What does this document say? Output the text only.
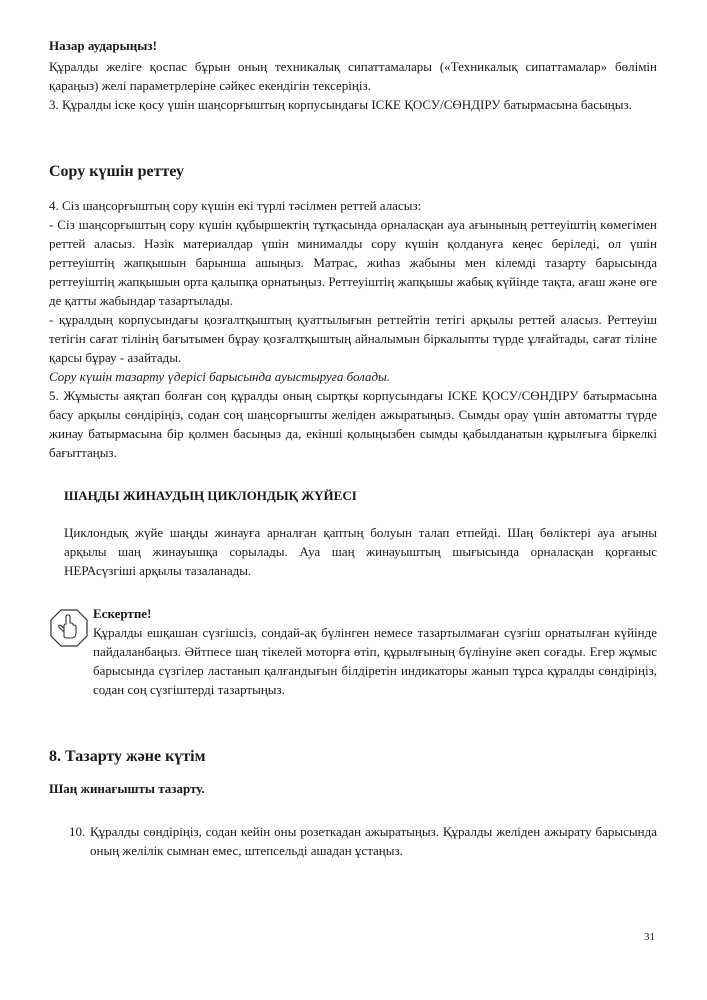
Назар аударыңыз!

Құралды желіге қоспас бұрын оның техникалық сипаттамалары («Техникалық сипаттамалар» бөлімін қараңыз) желі параметрлеріне сәйкес екендігін тексеріңіз.

3. Құралды іске қосу үшін шаңсорғыштың корпусындағы ІСКЕ ҚОСУ/СӨНДІРУ батырмасына басыңыз.

Сору күшін реттеу

4. Сіз шаңсорғыштың сору күшін екі түрлі тәсілмен реттей аласыз:

- Сіз шаңсорғыштың сору күшін құбыршектің тұтқасында орналасқан ауа ағынының реттеуіштің көмегімен реттей аласыз. Нәзік материалдар үшін минималды сору күшін қолдануға кеңес беріледі, ол үшін реттеуіштің жапқышын барынша ашыңыз. Матрас, жиhаз жабыны мен кілемді тазарту барысында реттеуіштің жапқышын орта қалыпқа орнатыңыз. Реттеуіштің жапқышы жабық күйінде тақта, ағаш және өге де қатты жабындар тазартылады.

- құралдың корпусындағы қозғалтқыштың қуаттылығын реттейтін тетігі арқылы реттей аласыз. Реттеуіш тетігін сағат тілінің бағытымен бұрау қозғалтқыштың айналымын біркалыпты түрде ұлғайтады, сағат тіліне қарсы бұрау - азайтады.

Сору күшін тазарту үдерісі барысында ауыстыруға болады.

5. Жұмысты аяқтап болған соң құралды оның сыртқы корпусындағы ІСКЕ ҚОСУ/СӨНДІРУ батырмасына басу арқылы сөндіріңіз, содан соң шаңсорғышты желіден ажыратыңыз. Сымды орау үшін автоматты түрде жинау батырмасына бір қолмен басыңыз да, екінші қолыңызбен сымды қабылданатын құрылғыға біркелкі бағыттаңыз.

ШАҢДЫ ЖИНАУДЫҢ ЦИКЛОНДЫҚ ЖҮЙЕСІ

Циклондық жүйе шаңды жинауға арналған қаптың болуын талап етпейді. Шаң бөліктері ауа ағыны арқылы шаң жинауышқа сорылады. Ауа шаң жинауыштың шығысында орналасқан қорғаныс НЕРАсүзгіші арқылы тазаланады.

Ескертпе!

Құралды ешқашан сүзгішсіз, сондай-ақ бүлінген немесе тазартылмаған сүзгіш орнатылған күйінде пайдаланбаңыз. Әйтпесе шаң тікелей моторға өтіп, құрылғының бүлінуіне әкеп соғады. Егер жұмыс барысында сүзгілер ластанып қалғандығын білдіретін индикаторы жанып тұрса құралды сөндіріңіз, содан соң сүзгіштерді тазартыңыз.

8. Тазарту және күтім

Шаң жинағышты тазарту.

10. Құралды сөндіріңіз, содан кейін оны розеткадан ажыратыңыз. Құралды желіден ажырату барысында оның желілік сымнан емес, штепсельді ашадан ұстаңыз.

31
